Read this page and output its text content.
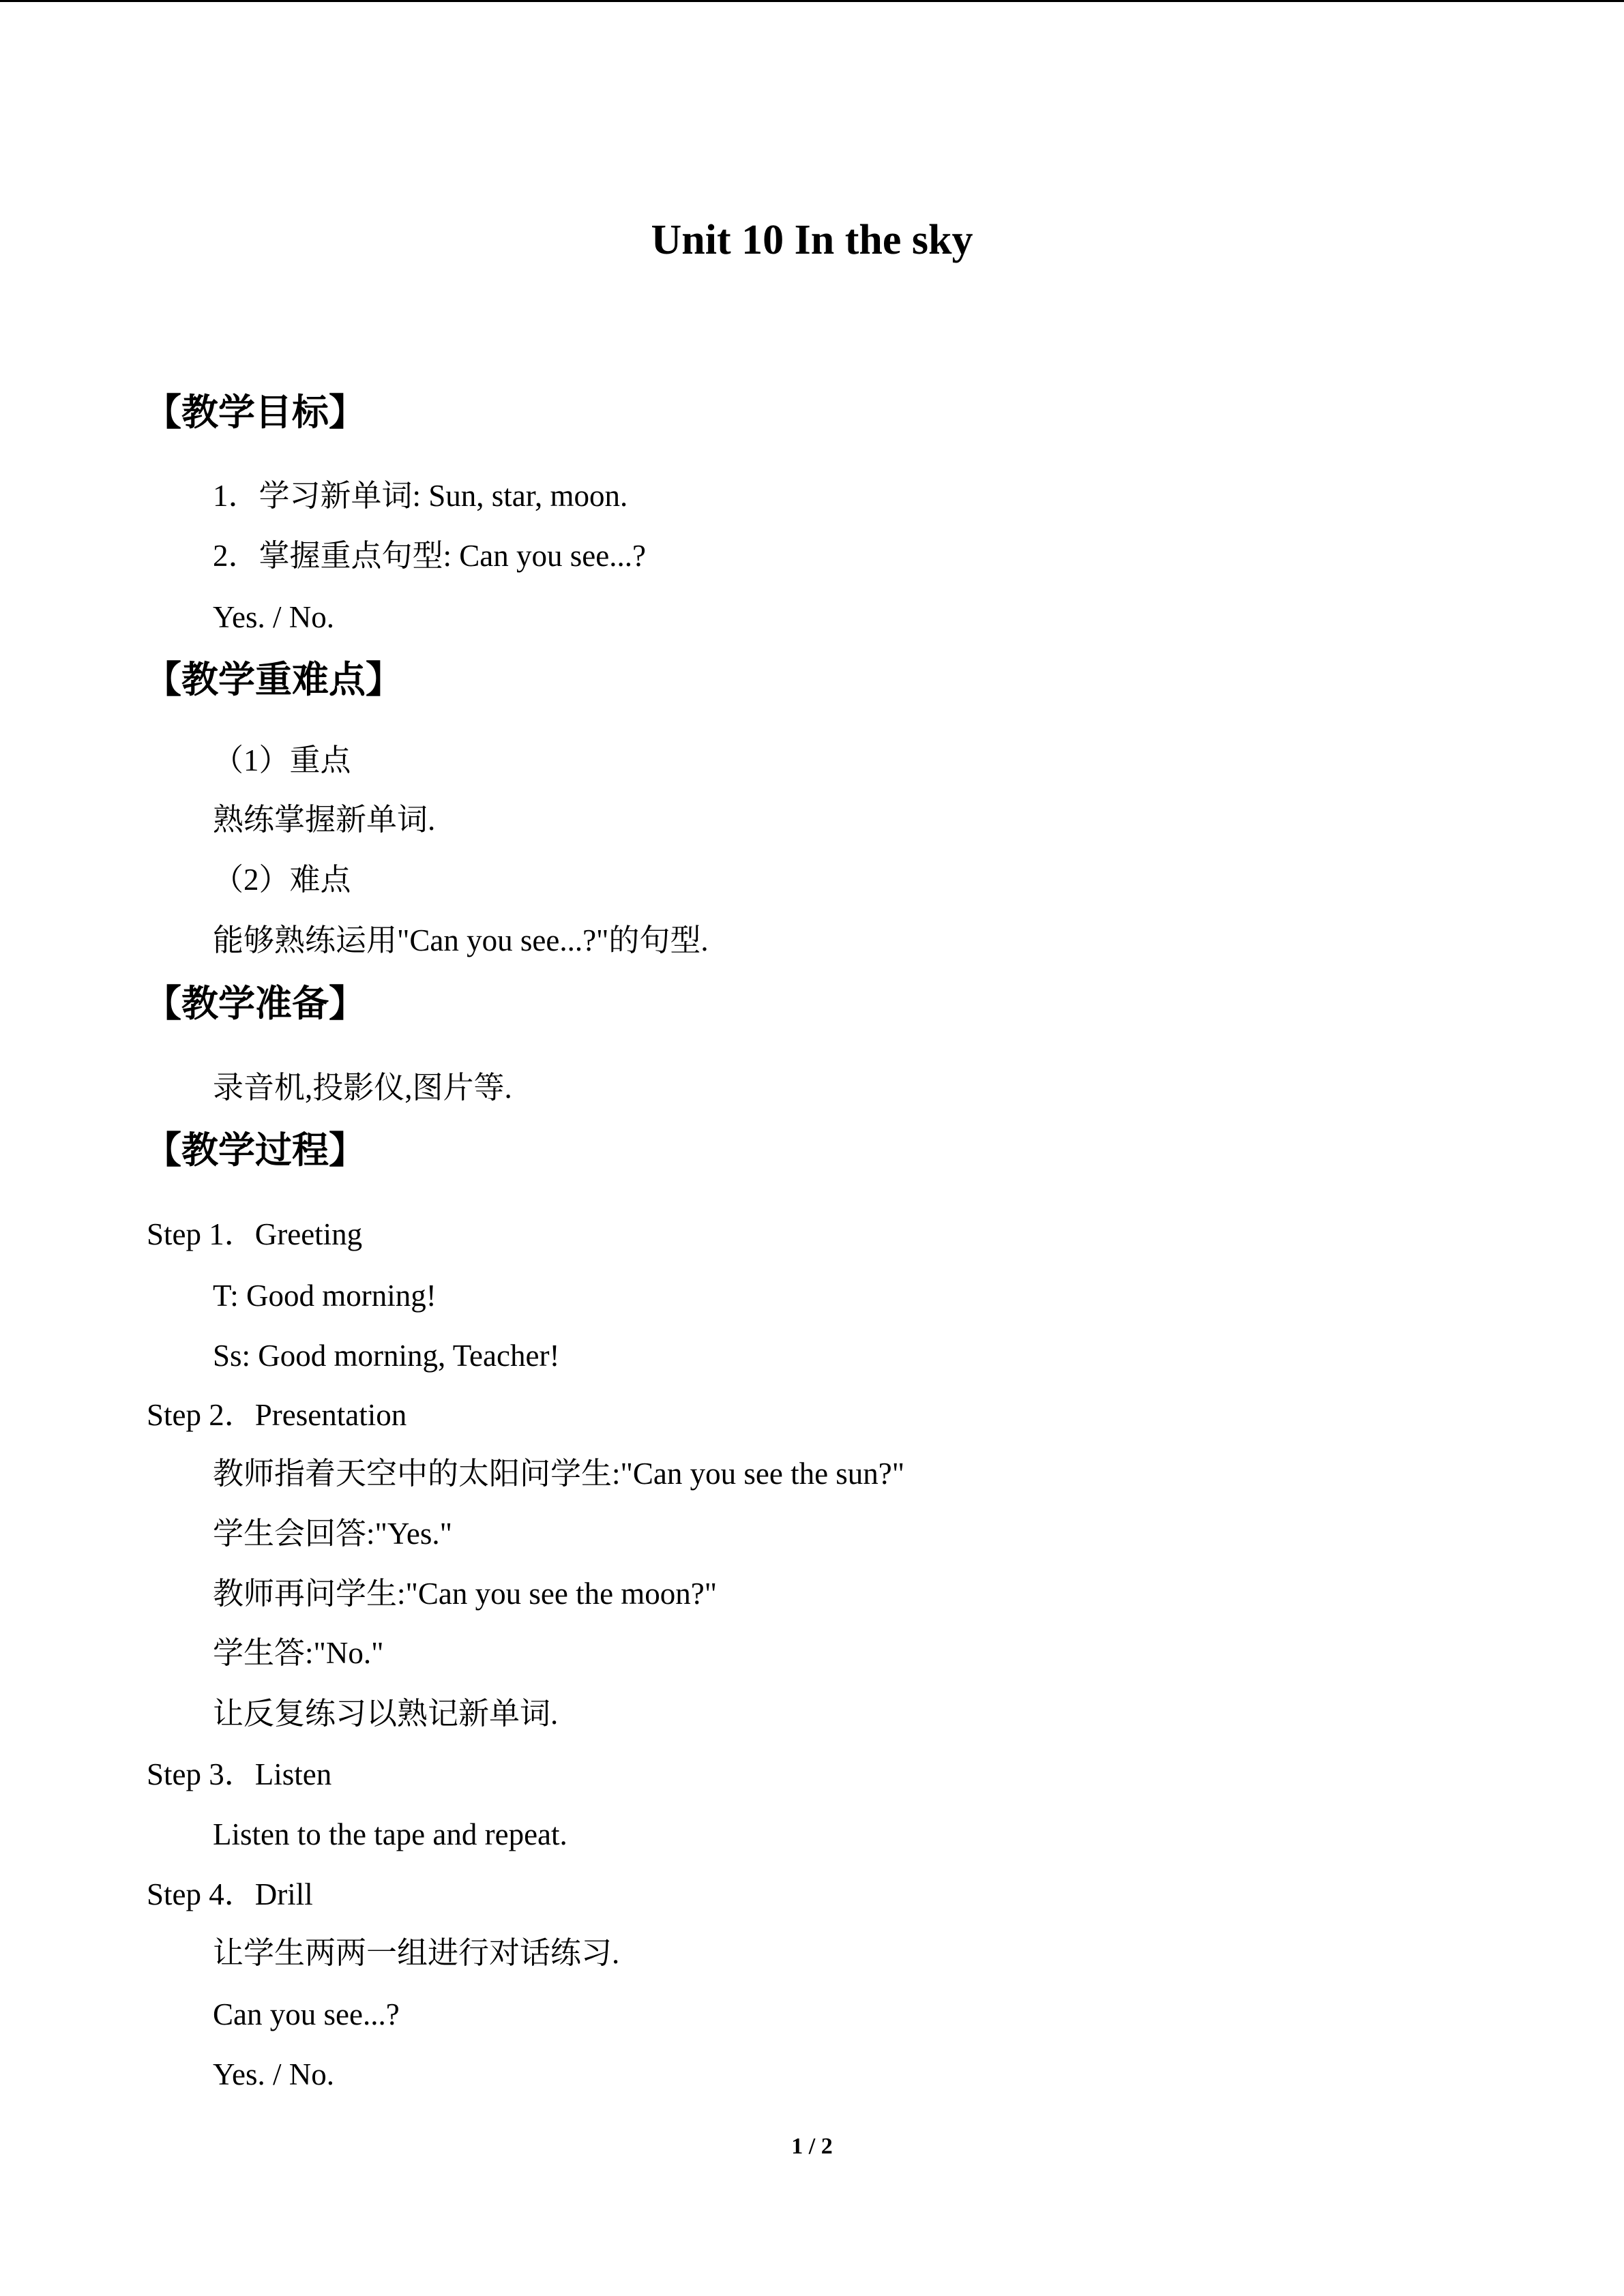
Unit 10 In the sky
【教学目标】
1．学习新单词: Sun, star, moon.
2．掌握重点句型: Can you see...?
Yes. / No.
【教学重难点】
（1）重点
熟练掌握新单词.
（2）难点
能够熟练运用"Can you see...?"的句型.
【教学准备】
录音机,投影仪,图片等.
【教学过程】
Step 1．Greeting
T: Good morning!
Ss: Good morning, Teacher!
Step 2．Presentation
教师指着天空中的太阳问学生:"Can you see the sun?"
学生会回答:"Yes."
教师再问学生:"Can you see the moon?"
学生答:"No."
让反复练习以熟记新单词.
Step 3．Listen
Listen to the tape and repeat.
Step 4．Drill
让学生两两一组进行对话练习.
Can you see...?
Yes. / No.
1 / 2
